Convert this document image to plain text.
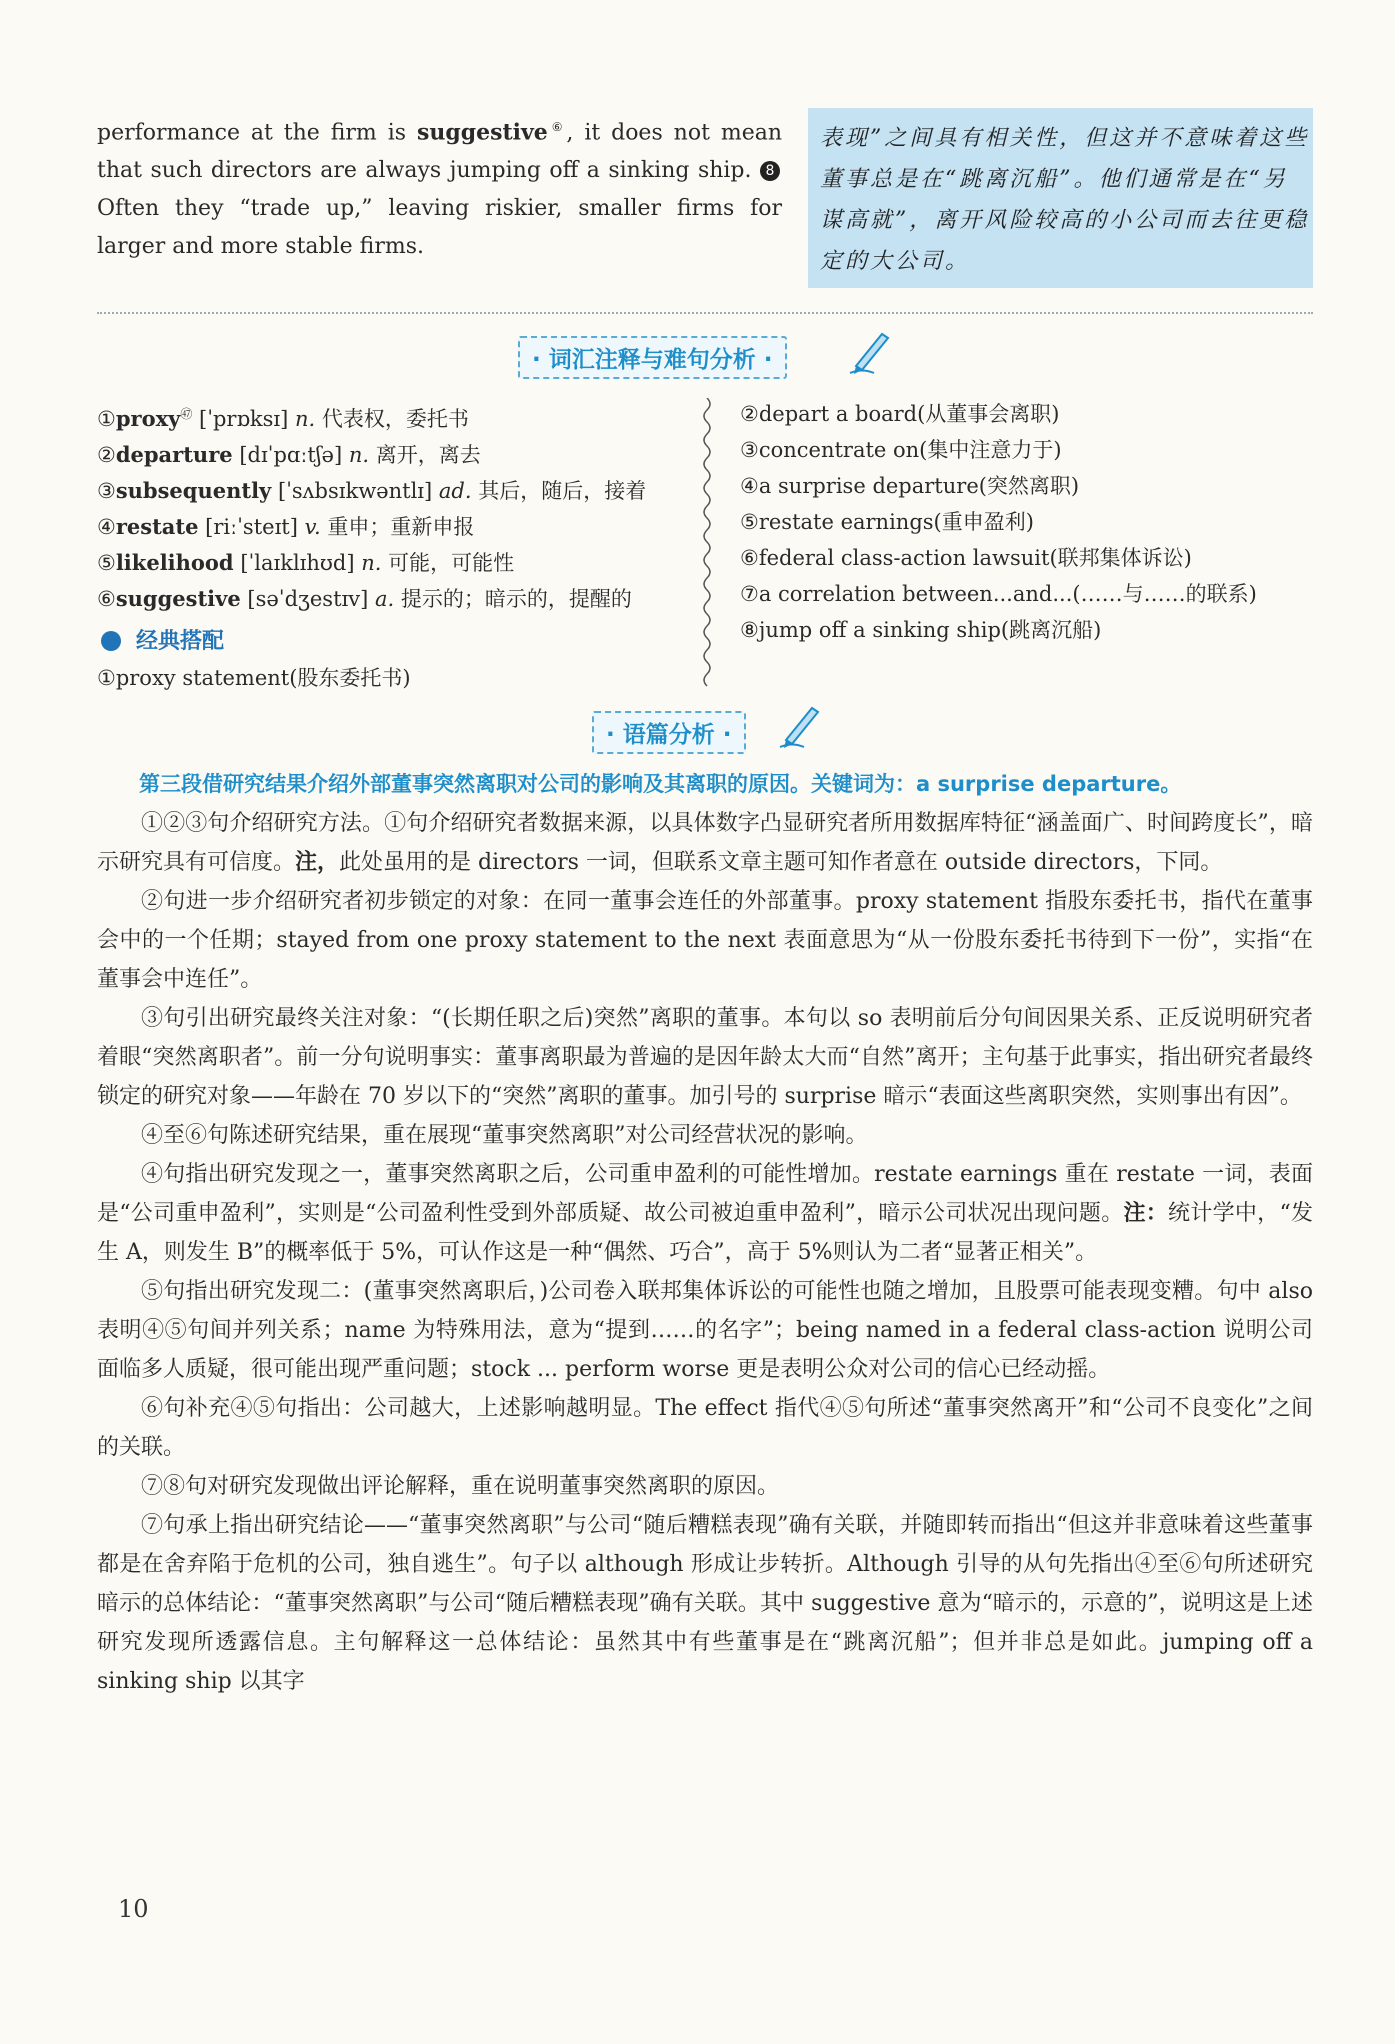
performance at the firm is suggestive⑥, it does not mean that such directors are always jumping off a sinking ship. 8Often they “trade up,” leaving riskier, smaller firms for larger and more stable firms.
表现”之间具有相关性，但这并不意味着这些董事总是在“跳离沉船”。他们通常是在“另谋高就”，离开风险较高的小公司而去往更稳定的大公司。
· 词汇注释与难句分析 ·
①proxy$^㊼$ [ˈprɒksɪ] n. 代表权，委托书
②departure [dɪˈpɑːtʃə] n. 离开，离去
③subsequently [ˈsʌbsɪkwəntlɪ] ad. 其后，随后，接着
④restate [riːˈsteɪt] v. 重申；重新申报
⑤likelihood [ˈlaɪklɪhʊd] n. 可能，可能性
⑥suggestive [səˈdʒestɪv] a. 提示的；暗示的，提醒的
经典搭配
①proxy statement(股东委托书)
②depart a board(从董事会离职)
③concentrate on(集中注意力于)
④a surprise departure(突然离职)
⑤restate earnings(重申盈利)
⑥federal class-action lawsuit(联邦集体诉讼)
⑦a correlation between...and...(……与……的联系)
⑧jump off a sinking ship(跳离沉船)
· 语篇分析 ·

第三段借研究结果介绍外部董事突然离职对公司的影响及其离职的原因。关键词为：a surprise departure。

①②③句介绍研究方法。①句介绍研究者数据来源，以具体数字凸显研究者所用数据库特征“涵盖面广、时间跨度长”，暗示研究具有可信度。注，此处虽用的是 directors 一词，但联系文章主题可知作者意在 outside directors，下同。

②句进一步介绍研究者初步锁定的对象：在同一董事会连任的外部董事。proxy statement 指股东委托书，指代在董事会中的一个任期；stayed from one proxy statement to the next 表面意思为“从一份股东委托书待到下一份”，实指“在董事会中连任”。

③句引出研究最终关注对象：“(长期任职之后)突然”离职的董事。本句以 so 表明前后分句间因果关系、正反说明研究者着眼“突然离职者”。前一分句说明事实：董事离职最为普遍的是因年龄太大而“自然”离开；主句基于此事实，指出研究者最终锁定的研究对象——年龄在 70 岁以下的“突然”离职的董事。加引号的 surprise 暗示“表面这些离职突然，实则事出有因”。

④至⑥句陈述研究结果，重在展现“董事突然离职”对公司经营状况的影响。

④句指出研究发现之一，董事突然离职之后，公司重申盈利的可能性增加。restate earnings 重在 restate 一词，表面是“公司重申盈利”，实则是“公司盈利性受到外部质疑、故公司被迫重申盈利”，暗示公司状况出现问题。注：统计学中，“发生 A，则发生 B”的概率低于 5%，可认作这是一种“偶然、巧合”，高于 5%则认为二者“显著正相关”。

⑤句指出研究发现二：(董事突然离职后，)公司卷入联邦集体诉讼的可能性也随之增加，且股票可能表现变糟。句中 also 表明④⑤句间并列关系；name 为特殊用法，意为“提到……的名字”；being named in a federal class-action 说明公司面临多人质疑，很可能出现严重问题；stock ... perform worse 更是表明公众对公司的信心已经动摇。

⑥句补充④⑤句指出：公司越大，上述影响越明显。The effect 指代④⑤句所述“董事突然离开”和“公司不良变化”之间的关联。

⑦⑧句对研究发现做出评论解释，重在说明董事突然离职的原因。

⑦句承上指出研究结论——“董事突然离职”与公司“随后糟糕表现”确有关联，并随即转而指出“但这并非意味着这些董事都是在舍弃陷于危机的公司，独自逃生”。句子以 although 形成让步转折。Although 引导的从句先指出④至⑥句所述研究暗示的总体结论：“董事突然离职”与公司“随后糟糕表现”确有关联。其中 suggestive 意为“暗示的，示意的”，说明这是上述研究发现所透露信息。主句解释这一总体结论：虽然其中有些董事是在“跳离沉船”；但并非总是如此。jumping off a sinking ship 以其字

10
